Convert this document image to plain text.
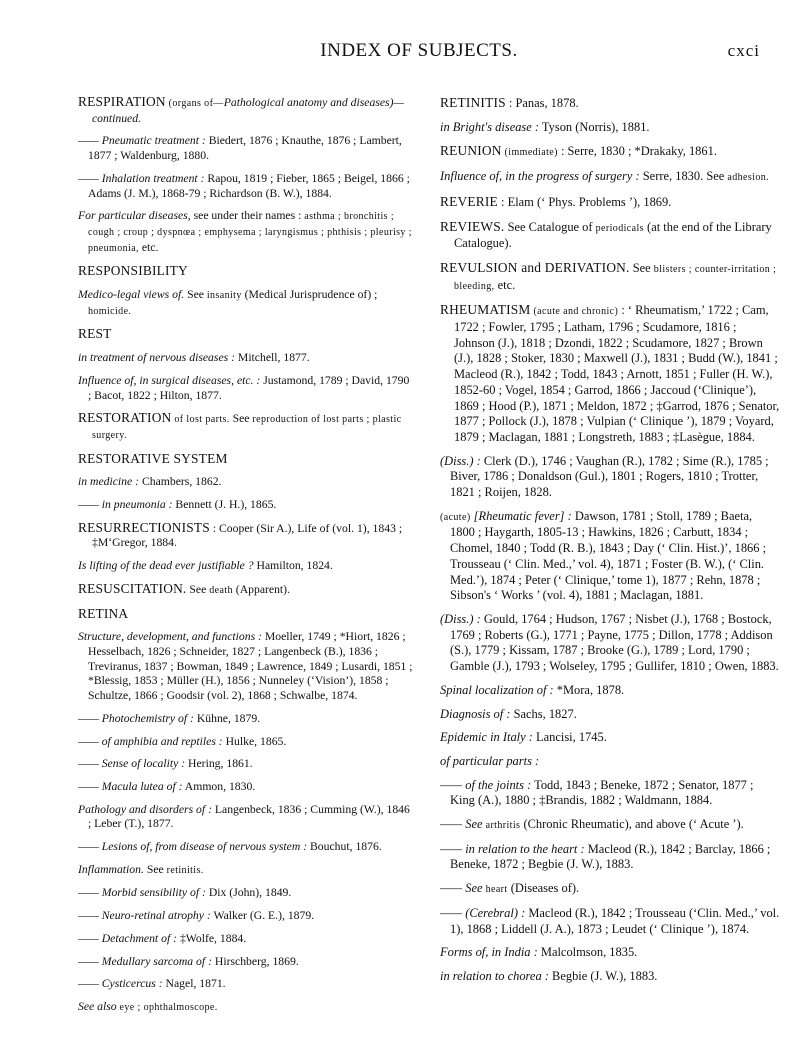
INDEX OF SUBJECTS.	cxci

RESPIRATION (organs of—Pathological anatomy and diseases)—continued.

—— Pneumatic treatment : Biedert, 1876 ; Knauthe, 1876 ; Lambert, 1877 ; Waldenburg, 1880.

—— Inhalation treatment : Rapou, 1819 ; Fieber, 1865 ; Beigel, 1866 ; Adams (J. M.), 1868-79 ; Richardson (B. W.), 1884.

For particular diseases, see under their names : asthma ; bronchitis ; cough ; croup ; dyspnœa ; emphysema ; laryngismus ; phthisis ; pleurisy ; pneumonia, etc.

RESPONSIBILITY

Medico-legal views of. See insanity (Medical Jurisprudence of) ; homicide.

REST

in treatment of nervous diseases : Mitchell, 1877.

Influence of, in surgical diseases, etc. : Justamond, 1789 ; David, 1790 ; Bacot, 1822 ; Hilton, 1877.

RESTORATION of lost parts. See reproduction of lost parts ; plastic surgery.

RESTORATIVE SYSTEM

in medicine : Chambers, 1862.

—— in pneumonia : Bennett (J. H.), 1865.

RESURRECTIONISTS : Cooper (Sir A.), Life of (vol. 1), 1843 ; ‡M‘Gregor, 1884.

Is lifting of the dead ever justifiable ? Hamilton, 1824.

RESUSCITATION. See death (Apparent).

RETINA

Structure, development, and functions : Moeller, 1749 ; *Hiort, 1826 ; Hesselbach, 1826 ; Schneider, 1827 ; Langenbeck (B.), 1836 ; Treviranus, 1837 ; Bowman, 1849 ; Lawrence, 1849 ; Lusardi, 1851 ; *Blessig, 1853 ; Müller (H.), 1856 ; Nunneley (‘Vision’), 1858 ; Schultze, 1866 ; Goodsir (vol. 2), 1868 ; Schwalbe, 1874.

—— Photochemistry of : Kühne, 1879.

—— of amphibia and reptiles : Hulke, 1865.

—— Sense of locality : Hering, 1861.

—— Macula lutea of : Ammon, 1830.

Pathology and disorders of : Langenbeck, 1836 ; Cumming (W.), 1846 ; Leber (T.), 1877.

—— Lesions of, from disease of nervous system : Bouchut, 1876.

Inflammation. See retinitis.

—— Morbid sensibility of : Dix (John), 1849.

—— Neuro-retinal atrophy : Walker (G. E.), 1879.

—— Detachment of : ‡Wolfe, 1884.

—— Medullary sarcoma of : Hirschberg, 1869.

—— Cysticercus : Nagel, 1871.

See also eye ; ophthalmoscope.

RETINITIS : Panas, 1878.

in Bright's disease : Tyson (Norris), 1881.

REUNION (immediate) : Serre, 1830 ; *Drakaky, 1861.

Influence of, in the progress of surgery : Serre, 1830. See adhesion.

REVERIE : Elam (‘ Phys. Problems ’), 1869.

REVIEWS. See Catalogue of periodicals (at the end of the Library Catalogue).

REVULSION and DERIVATION. See blisters ; counter-irritation ; bleeding, etc.

RHEUMATISM (acute and chronic) : ‘ Rheumatism,’ 1722 ; Cam, 1722 ; Fowler, 1795 ; Latham, 1796 ; Scudamore, 1816 ; Johnson (J.), 1818 ; Dzondi, 1822 ; Scudamore, 1827 ; Brown (J.), 1828 ; Stoker, 1830 ; Maxwell (J.), 1831 ; Budd (W.), 1841 ; Macleod (R.), 1842 ; Todd, 1843 ; Arnott, 1851 ; Fuller (H. W.), 1852-60 ; Vogel, 1854 ; Garrod, 1866 ; Jaccoud (‘Clinique’), 1869 ; Hood (P.), 1871 ; Meldon, 1872 ; ‡Garrod, 1876 ; Senator, 1877 ; Pollock (J.), 1878 ; Vulpian (‘ Clinique ’), 1879 ; Voyard, 1879 ; Maclagan, 1881 ; Longstreth, 1883 ; ‡Lasègue, 1884.

(Diss.) : Clerk (D.), 1746 ; Vaughan (R.), 1782 ; Sime (R.), 1785 ; Biver, 1786 ; Donaldson (Gul.), 1801 ; Rogers, 1810 ; Trotter, 1821 ; Roijen, 1828.

(acute) [Rheumatic fever] : Dawson, 1781 ; Stoll, 1789 ; Baeta, 1800 ; Haygarth, 1805-13 ; Hawkins, 1826 ; Carbutt, 1834 ; Chomel, 1840 ; Todd (R. B.), 1843 ; Day (‘ Clin. Hist.)’, 1866 ; Trousseau (‘ Clin. Med.,’ vol. 4), 1871 ; Foster (B. W.), (‘ Clin. Med.’), 1874 ; Peter (‘ Clinique,’ tome 1), 1877 ; Rehn, 1878 ; Sibson's ‘ Works ’ (vol. 4), 1881 ; Maclagan, 1881.

(Diss.) : Gould, 1764 ; Hudson, 1767 ; Nisbet (J.), 1768 ; Bostock, 1769 ; Roberts (G.), 1771 ; Payne, 1775 ; Dillon, 1778 ; Addison (S.), 1779 ; Kissam, 1787 ; Brooke (G.), 1789 ; Lord, 1790 ; Gamble (J.), 1793 ; Wolseley, 1795 ; Gullifer, 1810 ; Owen, 1883.

Spinal localization of : *Mora, 1878.

Diagnosis of : Sachs, 1827.

Epidemic in Italy : Lancisi, 1745.

of particular parts :

—— of the joints : Todd, 1843 ; Beneke, 1872 ; Senator, 1877 ; King (A.), 1880 ; ‡Brandis, 1882 ; Waldmann, 1884.

—— See arthritis (Chronic Rheumatic), and above (‘ Acute ’).

—— in relation to the heart : Macleod (R.), 1842 ; Barclay, 1866 ; Beneke, 1872 ; Begbie (J. W.), 1883.

—— See heart (Diseases of).

—— (Cerebral) : Macleod (R.), 1842 ; Trousseau (‘Clin. Med.,’ vol. 1), 1868 ; Liddell (J. A.), 1873 ; Leudet (‘ Clinique ’), 1874.

Forms of, in India : Malcolmson, 1835.

in relation to chorea : Begbie (J. W.), 1883.
